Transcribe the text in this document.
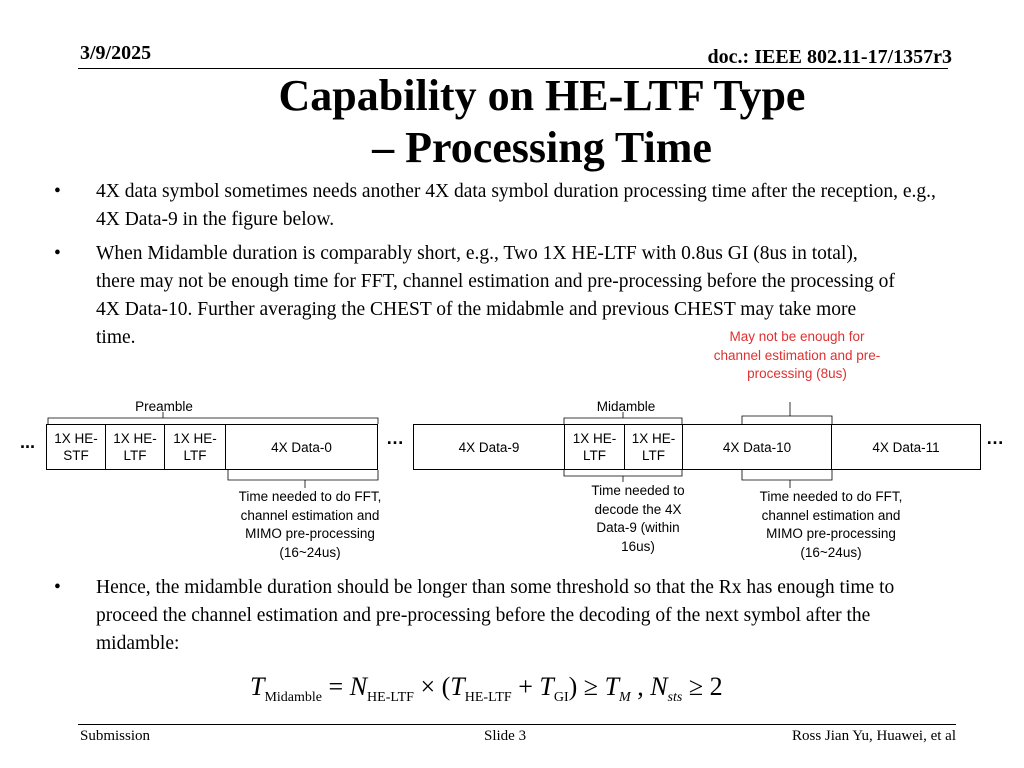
3/9/2025	doc.: IEEE 802.11-17/1357r3
Capability on HE-LTF Type
– Processing Time
•	4X data symbol sometimes needs another 4X data symbol duration processing time after the reception, e.g., 4X Data-9 in the figure below.
•	When Midamble duration is comparably short, e.g., Two 1X HE-LTF with 0.8us GI (8us in total), there may not be enough time for FFT, channel estimation and pre-processing before the processing of 4X Data-10. Further averaging the CHEST of the midabmle and previous CHEST may take more time.	May not be enough for channel estimation and pre-processing (8us)
Preamble	Midamble
...	…	…
1X HE-STF
1X HE-LTF
1X HE-LTF
4X Data-0	4X Data-9
1X HE-LTF
1X HE-LTF
4X Data-10	4X Data-11
Time needed to do FFT, channel estimation and MIMO pre-processing (16~24us)
Time needed to decode the 4X Data-9 (within 16us)
Time needed to do FFT, channel estimation and MIMO pre-processing (16~24us)
•	Hence, the midamble duration should be longer than some threshold so that the Rx has enough time to proceed the channel estimation and pre-processing before the decoding of the next symbol after the midamble:
$T_{Midamble} = N_{HE-LTF} \times (T_{HE-LTF} + T_{GI}) \ge T_M$ , $N_{sts} \ge 2$
Submission	Slide 3	Ross Jian Yu, Huawei, et al
